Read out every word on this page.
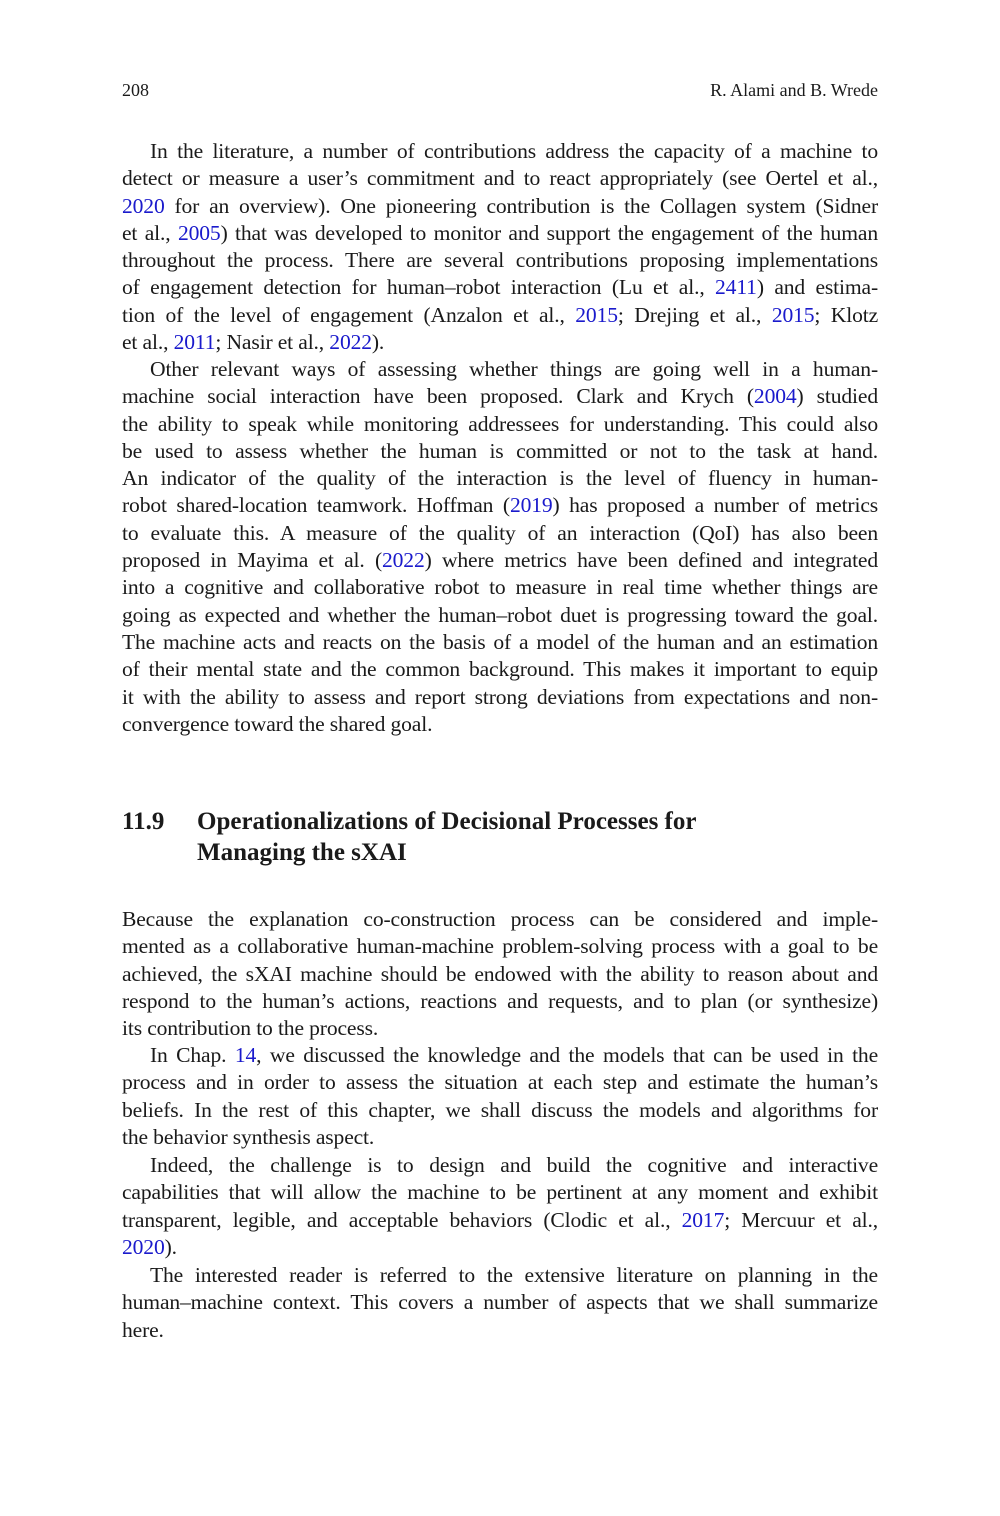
208	R. Alami and B. Wrede
In the literature, a number of contributions address the capacity of a machine to
detect or measure a user’s commitment and to react appropriately (see Oertel et al.,
2020 for an overview). One pioneering contribution is the Collagen system (Sidner
et al., 2005) that was developed to monitor and support the engagement of the human
throughout the process. There are several contributions proposing implementations
of engagement detection for human–robot interaction (Lu et al., 2411) and estima-
tion of the level of engagement (Anzalon et al., 2015; Drejing et al., 2015; Klotz
et al., 2011; Nasir et al., 2022).
Other relevant ways of assessing whether things are going well in a human-
machine social interaction have been proposed. Clark and Krych (2004) studied
the ability to speak while monitoring addressees for understanding. This could also
be used to assess whether the human is committed or not to the task at hand.
An indicator of the quality of the interaction is the level of fluency in human-
robot shared-location teamwork. Hoffman (2019) has proposed a number of metrics
to evaluate this. A measure of the quality of an interaction (QoI) has also been
proposed in Mayima et al. (2022) where metrics have been defined and integrated
into a cognitive and collaborative robot to measure in real time whether things are
going as expected and whether the human–robot duet is progressing toward the goal.
The machine acts and reacts on the basis of a model of the human and an estimation
of their mental state and the common background. This makes it important to equip
it with the ability to assess and report strong deviations from expectations and non-
convergence toward the shared goal.
11.9	Operationalizations of Decisional Processes for
Managing the sXAI
Because the explanation co-construction process can be considered and imple-
mented as a collaborative human-machine problem-solving process with a goal to be
achieved, the sXAI machine should be endowed with the ability to reason about and
respond to the human’s actions, reactions and requests, and to plan (or synthesize)
its contribution to the process.
In Chap. 14, we discussed the knowledge and the models that can be used in the
process and in order to assess the situation at each step and estimate the human’s
beliefs. In the rest of this chapter, we shall discuss the models and algorithms for
the behavior synthesis aspect.
Indeed, the challenge is to design and build the cognitive and interactive
capabilities that will allow the machine to be pertinent at any moment and exhibit
transparent, legible, and acceptable behaviors (Clodic et al., 2017; Mercuur et al.,
2020).
The interested reader is referred to the extensive literature on planning in the
human–machine context. This covers a number of aspects that we shall summarize
here.
